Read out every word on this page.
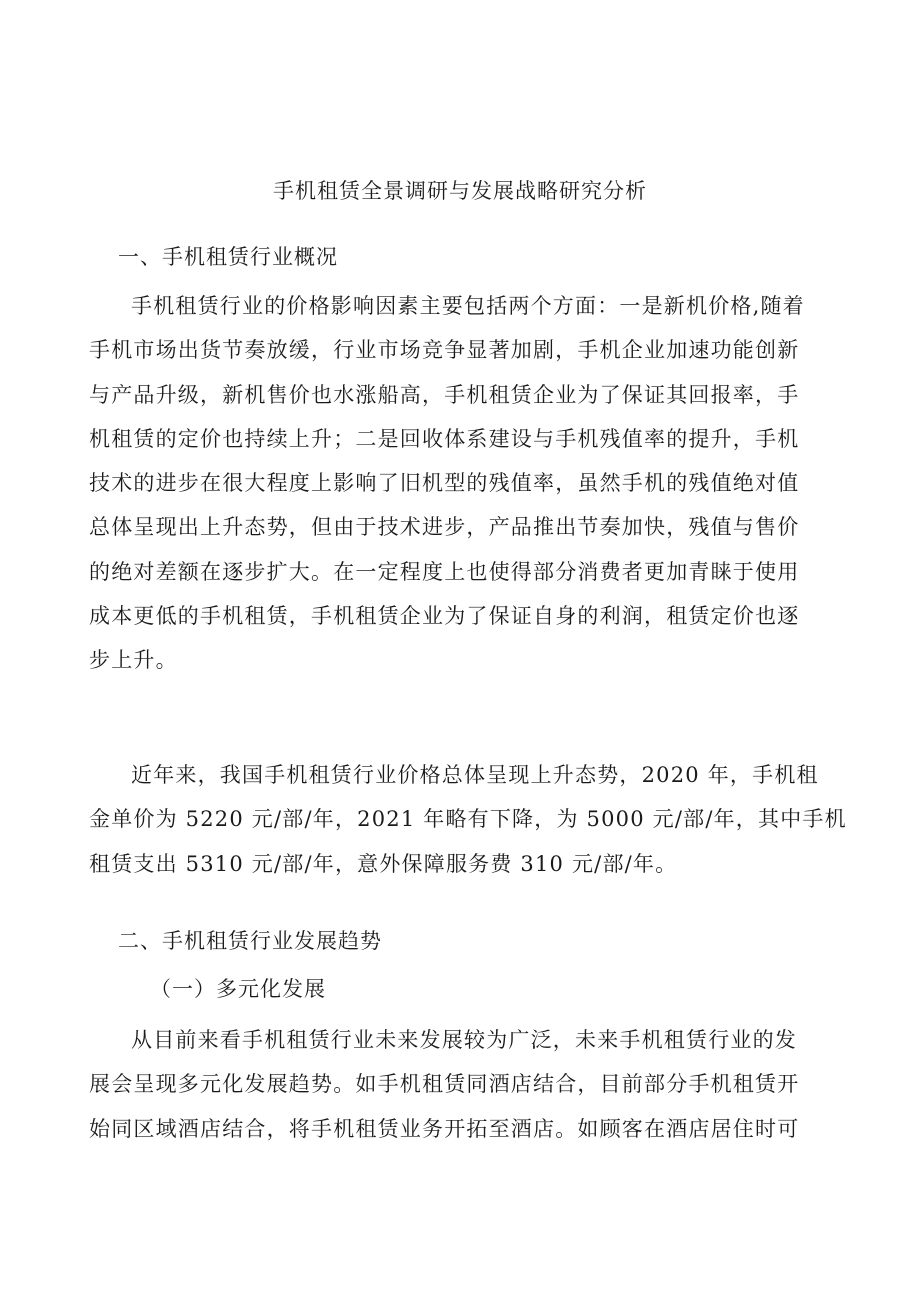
手机租赁全景调研与发展战略研究分析
一、手机租赁行业概况
手机租赁行业的价格影响因素主要包括两个方面：一是新机价格,随着
手机市场出货节奏放缓，行业市场竞争显著加剧，手机企业加速功能创新
与产品升级，新机售价也水涨船高，手机租赁企业为了保证其回报率，手
机租赁的定价也持续上升；二是回收体系建设与手机残值率的提升，手机
技术的进步在很大程度上影响了旧机型的残值率，虽然手机的残值绝对值
总体呈现出上升态势，但由于技术进步，产品推出节奏加快，残值与售价
的绝对差额在逐步扩大。在一定程度上也使得部分消费者更加青睐于使用
成本更低的手机租赁，手机租赁企业为了保证自身的利润，租赁定价也逐
步上升。
近年来，我国手机租赁行业价格总体呈现上升态势，2020 年，手机租
金单价为 5220 元/部/年，2021 年略有下降，为 5000 元/部/年，其中手机
租赁支出 5310 元/部/年，意外保障服务费 310 元/部/年。
二、手机租赁行业发展趋势
（一）多元化发展
从目前来看手机租赁行业未来发展较为广泛，未来手机租赁行业的发
展会呈现多元化发展趋势。如手机租赁同酒店结合，目前部分手机租赁开
始同区域酒店结合，将手机租赁业务开拓至酒店。如顾客在酒店居住时可
